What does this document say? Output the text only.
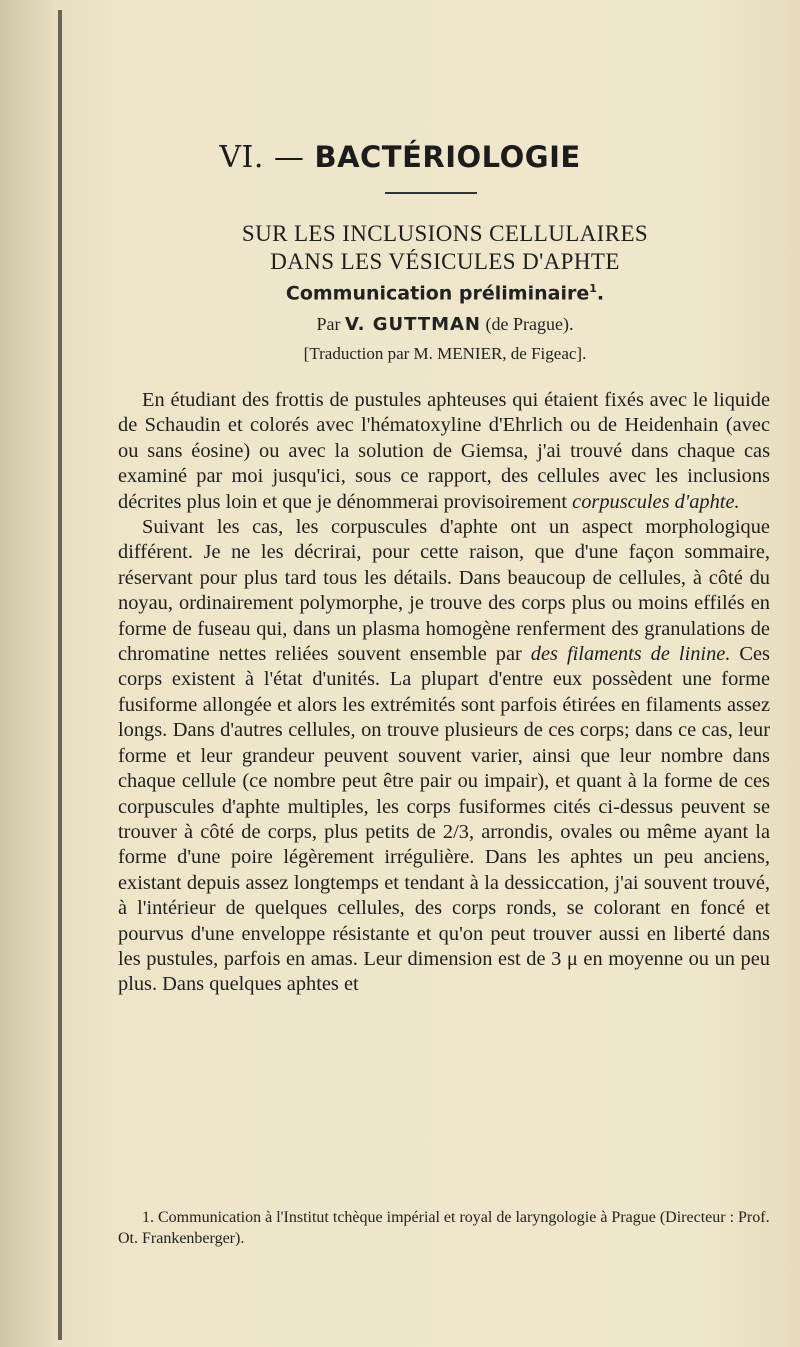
VI. — BACTÉRIOLOGIE
SUR LES INCLUSIONS CELLULAIRES
DANS LES VÉSICULES D'APHTE
Communication préliminaire$^1$.
Par V. GUTTMAN (de Prague).
[Traduction par M. MENIER, de Figeac].

En étudiant des frottis de pustules aphteuses qui étaient fixés avec le liquide de Schaudin et colorés avec l'hématoxyline d'Ehrlich ou de Heidenhain (avec ou sans éosine) ou avec la solution de Giemsa, j'ai trouvé dans chaque cas examiné par moi jusqu'ici, sous ce rapport, des cellules avec les inclusions décrites plus loin et que je dénommerai provisoirement corpuscules d'aphte.

Suivant les cas, les corpuscules d'aphte ont un aspect morphologique différent. Je ne les décrirai, pour cette raison, que d'une façon sommaire, réservant pour plus tard tous les détails. Dans beaucoup de cellules, à côté du noyau, ordinairement polymorphe, je trouve des corps plus ou moins effilés en forme de fuseau qui, dans un plasma homogène renferment des granulations de chromatine nettes reliées souvent ensemble par des filaments de linine. Ces corps existent à l'état d'unités. La plupart d'entre eux possèdent une forme fusiforme allongée et alors les extrémités sont parfois étirées en filaments assez longs. Dans d'autres cellules, on trouve plusieurs de ces corps; dans ce cas, leur forme et leur grandeur peuvent souvent varier, ainsi que leur nombre dans chaque cellule (ce nombre peut être pair ou impair), et quant à la forme de ces corpuscules d'aphte multiples, les corps fusiformes cités ci-dessus peuvent se trouver à côté de corps, plus petits de 2/3, arrondis, ovales ou même ayant la forme d'une poire légèrement irrégulière. Dans les aphtes un peu anciens, existant depuis assez longtemps et tendant à la dessiccation, j'ai souvent trouvé, à l'intérieur de quelques cellules, des corps ronds, se colorant en foncé et pourvus d'une enveloppe résistante et qu'on peut trouver aussi en liberté dans les pustules, parfois en amas. Leur dimension est de 3 μ en moyenne ou un peu plus. Dans quelques aphtes et

1. Communication à l'Institut tchèque impérial et royal de laryngologie à Prague (Directeur : Prof. Ot. Frankenberger).
